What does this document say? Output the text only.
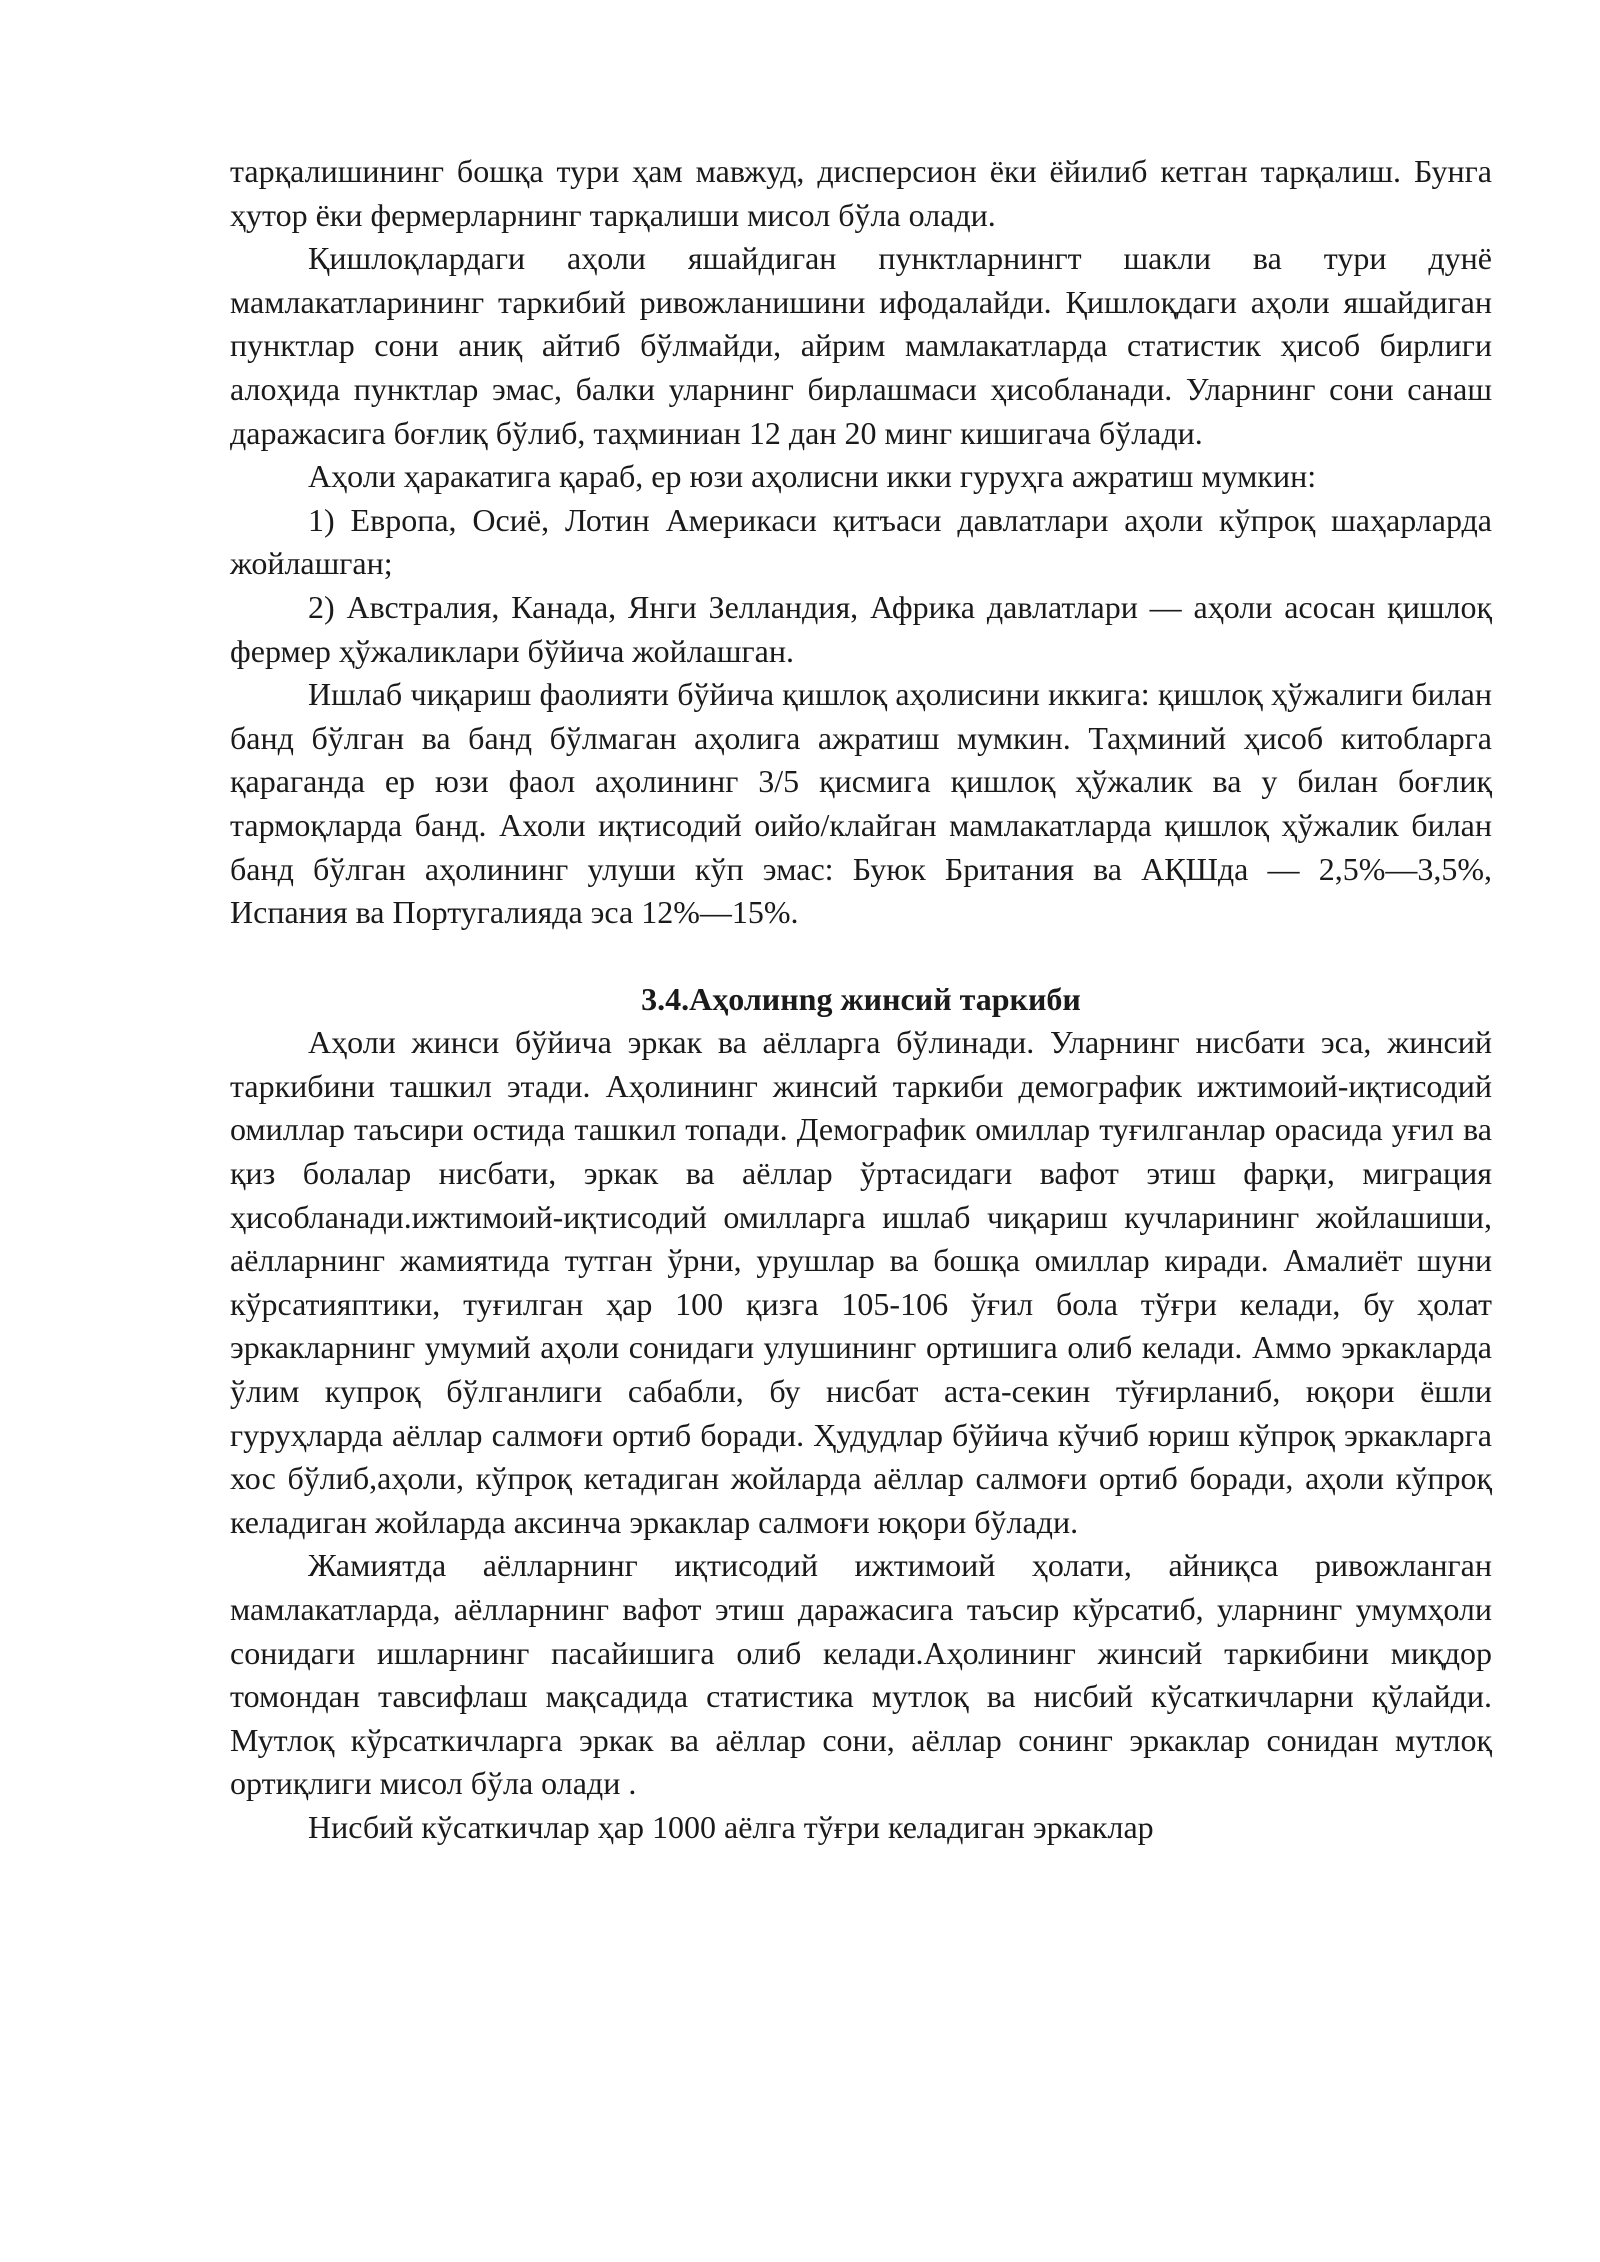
тарқалишининг бошқа тури ҳам мавжуд, дисперсион ёки ёйилиб кетган тарқалиш. Бунга ҳутор ёки фермерларнинг тарқалиши мисол бўла олади.

Қишлоқлардаги аҳоли яшайдиган пунктларнингт шакли ва тури дунё мамлакатларининг таркибий ривожланишини ифодалайди. Қишлоқдаги аҳоли яшайдиган пунктлар сони аниқ айтиб бўлмайди, айрим мамлакатларда статистик ҳисоб бирлиги алоҳида пунктлар эмас, балки уларнинг бирлашмаси ҳисобланади. Уларнинг сони санаш даражасига боғлиқ бўлиб, таҳминиан 12 дан 20 минг кишигача бўлади.

Аҳоли ҳаракатига қараб, ер юзи аҳолисни икки гуруҳга ажратиш мумкин:

1) Европа, Осиё, Лотин Америкаси қитъаси давлатлари аҳоли кўпроқ шаҳарларда жойлашган;

2) Австралия, Канада, Янги Зелландия, Африка давлатлари — аҳоли асосан қишлоқ фермер ҳўжаликлари бўйича жойлашган.

Ишлаб чиқариш фаолияти бўйича қишлоқ аҳолисини иккига: қишлоқ ҳўжалиги билан банд бўлган ва банд бўлмаган аҳолига ажратиш мумкин. Таҳминий ҳисоб китобларга қараганда ер юзи фаол аҳолининг 3/5 қисмига қишлоқ ҳўжалик ва у билан боғлиқ тармоқларда банд. Ахоли иқтисодий оийо/клайган мамлакатларда қишлоқ ҳўжалик билан банд бўлган аҳолининг улуши кўп эмас: Буюк Британия ва АҚШда — 2,5%—3,5%, Испания ва Португалияда эса 12%—15%.

3.4.Аҳолинng жинсий таркиби

Аҳоли жинси бўйича эркак ва аёлларга бўлинади. Уларнинг нисбати эса, жинсий таркибини ташкил этади. Аҳолининг жинсий таркиби демографик ижтимоий-иқтисодий омиллар таъсири остида ташкил топади. Демографик омиллар туғилганлар орасида уғил ва қиз болалар нисбати, эркак ва аёллар ўртасидаги вафот этиш фарқи, миграция ҳисобланади.ижтимоий-иқтисодий омилларга ишлаб чиқариш кучларининг жойлашиши, аёлларнинг жамиятида тутган ўрни, урушлар ва бошқа омиллар киради. Амалиёт шуни кўрсатияптики, туғилган ҳар 100 қизга 105-106 ўғил бола тўғри келади, бу ҳолат эркакларнинг умумий аҳоли сонидаги улушининг ортишига олиб келади. Аммо эркакларда ўлим купроқ бўлганлиги сабабли, бу нисбат аста-секин тўғирланиб, юқори ёшли гуруҳларда аёллар салмоғи ортиб боради. Ҳудудлар бўйича кўчиб юриш кўпроқ эркакларга хос бўлиб,аҳоли, кўпроқ кетадиган жойларда аёллар салмоғи ортиб боради, аҳоли кўпроқ келадиган жойларда аксинча эркаклар салмоғи юқори бўлади.

Жамиятда аёлларнинг иқтисодий ижтимоий ҳолати, айниқса ривожланган мамлакатларда, аёлларнинг вафот этиш даражасига таъсир кўрсатиб, уларнинг умумҳоли сонидаги ишларнинг пасайишига олиб келади.Аҳолининг жинсий таркибини миқдор томондан тавсифлаш мақсадида статистика мутлоқ ва нисбий кўсаткичларни қўлайди. Мутлоқ кўрсаткичларга эркак ва аёллар сони, аёллар сонинг эркаклар сонидан мутлоқ ортиқлиги мисол бўла олади .

Нисбий кўсаткичлар ҳар 1000 аёлга тўғри келадиган эркаклар
